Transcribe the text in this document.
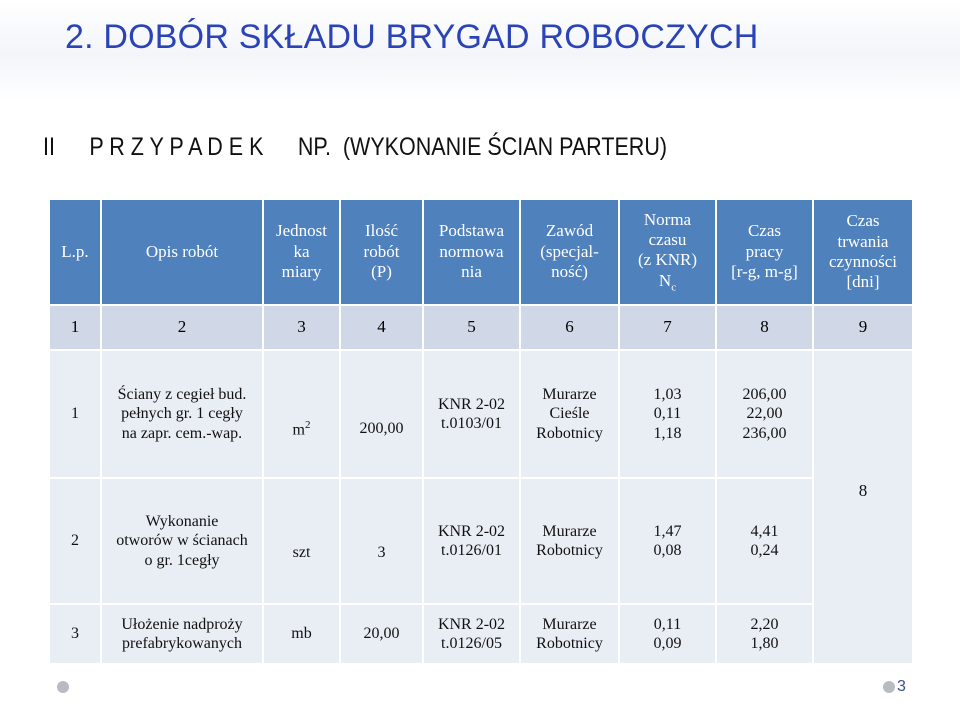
2. DOBÓR SKŁADU BRYGAD ROBOCZYCH
II P R Z Y P A D E K NP. (WYKONANIE ŚCIAN PARTERU)
L.p.	Opis robót	Jednost
ka
miary	Ilość
robót
(P)	Podstawa
normowa
nia	Zawód
(specjal-
ność)	Norma
czasu
(z KNR)
$N_c$	Czas
pracy
[r-g, m-g]	Czas
trwania
czynności
[dni]
1	2	3	4	5	6	7	8	9
1	Ściany z cegieł bud.
pełnych gr. 1 cegły
na zapr. cem.-wap.	$m^2$	200,00	KNR 2-02
t.0103/01	Murarze
Cieśle
Robotnicy	1,03
0,11
1,18	206,00
22,00
236,00	8
2	Wykonanie
otworów w ścianach
o gr. 1cegły	szt	3	KNR 2-02
t.0126/01	Murarze
Robotnicy	1,47
0,08	4,41
0,24	
3	Ułożenie nadproży
prefabrykowanych	mb	20,00	KNR 2-02
t.0126/05	Murarze
Robotnicy	0,11
0,09	2,20
1,80	
3
